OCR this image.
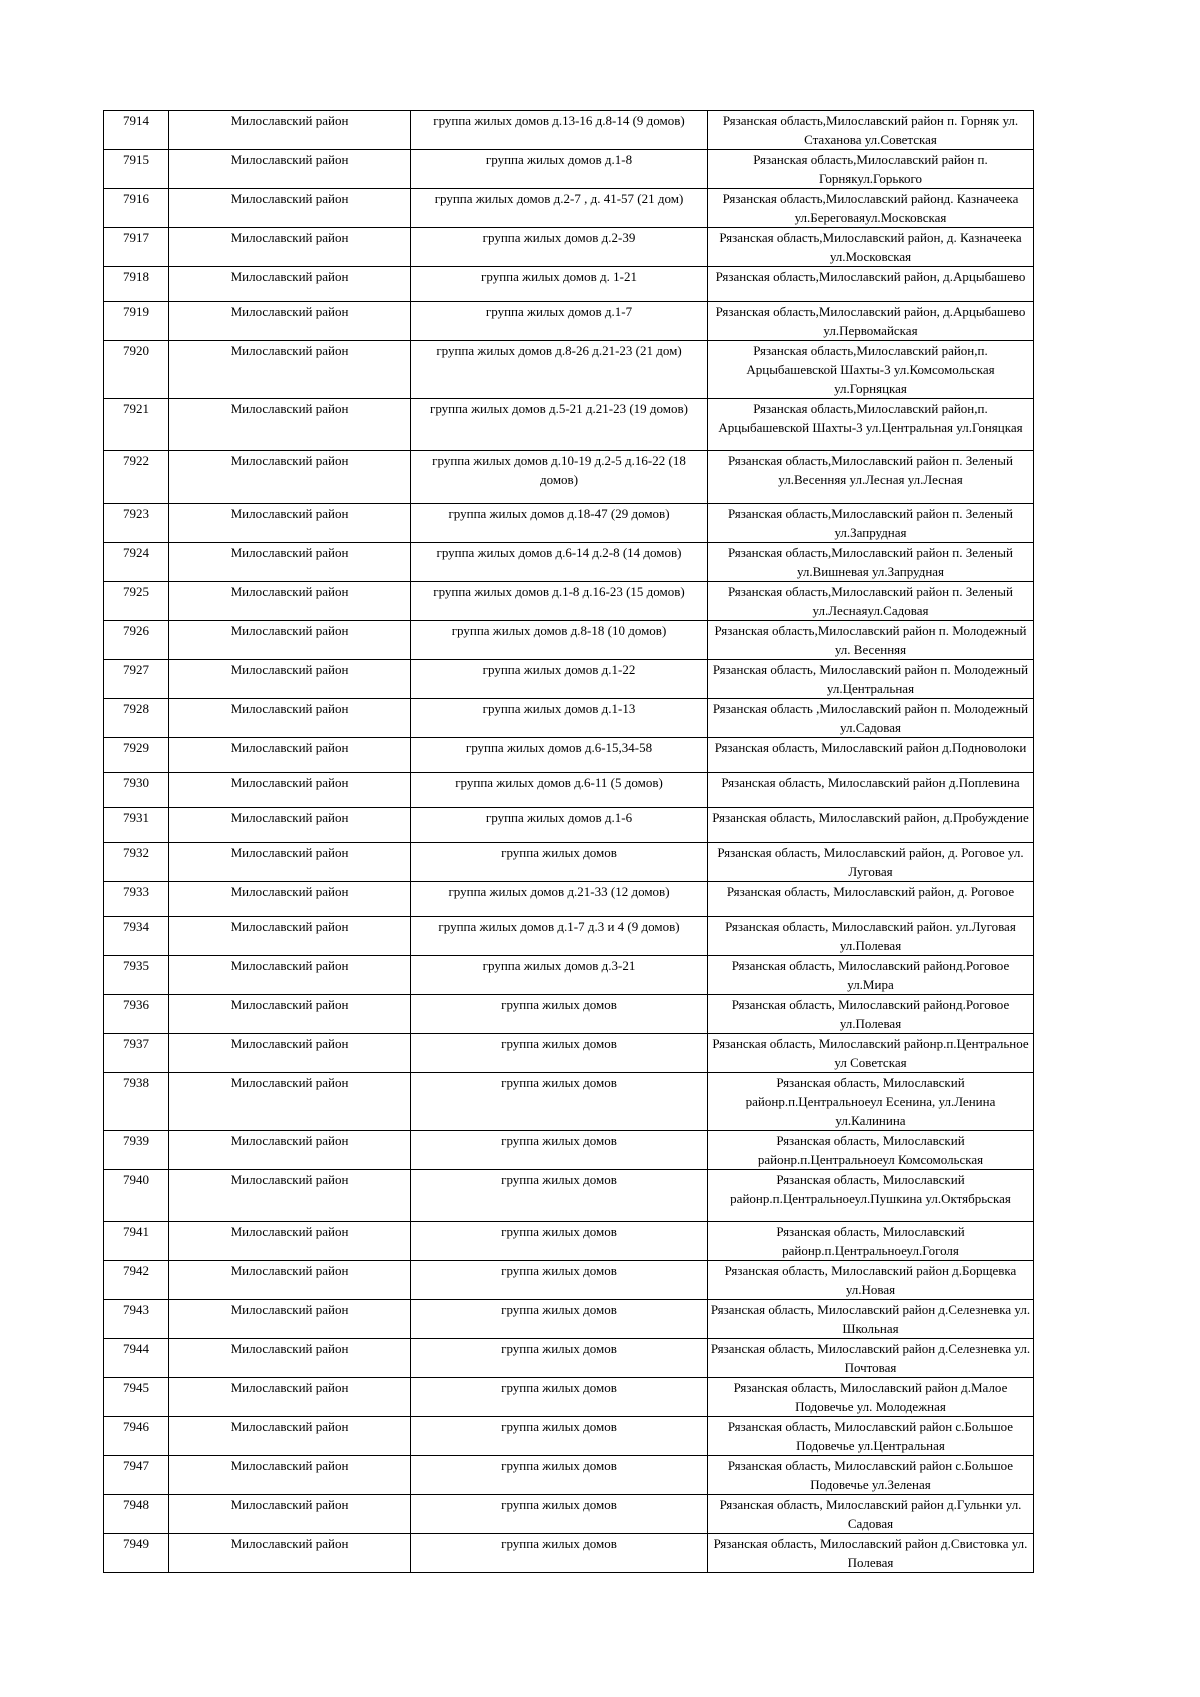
7914	Милославский район	группа жилых домов д.13-16 д.8-14 (9 домов)	Рязанская область,Милославский район п. Горняк ул. Стаханова ул.Советская
7915	Милославский район	группа жилых домов д.1-8	Рязанская область,Милославский район п. Горнякул.Горького
7916	Милославский район	группа жилых домов д.2-7 , д. 41-57 (21 дом)	Рязанская область,Милославский районд. Казначеека ул.Береговаяул.Московская
7917	Милославский район	группа жилых домов д.2-39	Рязанская область,Милославский район, д. Казначеека ул.Московская
7918	Милославский район	группа жилых домов д. 1-21	Рязанская область,Милославский район, д.Арцыбашево
7919	Милославский район	группа жилых домов д.1-7	Рязанская область,Милославский район, д.Арцыбашево ул.Первомайская
7920	Милославский район	группа жилых домов д.8-26 д.21-23 (21 дом)	Рязанская область,Милославский район,п. Арцыбашевской Шахты-3 ул.Комсомольская ул.Горняцкая
7921	Милославский район	группа жилых домов д.5-21 д.21-23 (19 домов)	Рязанская область,Милославский район,п. Арцыбашевской Шахты-3 ул.Центральная ул.Гоняцкая
7922	Милославский район	группа жилых домов д.10-19 д.2-5 д.16-22 (18 домов)	Рязанская область,Милославский район п. Зеленый ул.Весенняя ул.Лесная ул.Лесная
7923	Милославский район	группа жилых домов д.18-47 (29 домов)	Рязанская область,Милославский район п. Зеленый ул.Запрудная
7924	Милославский район	группа жилых домов д.6-14 д.2-8 (14 домов)	Рязанская область,Милославский район п. Зеленый ул.Вишневая ул.Запрудная
7925	Милославский район	группа жилых домов д.1-8 д.16-23 (15 домов)	Рязанская область,Милославский район п. Зеленый ул.Леснаяул.Садовая
7926	Милославский район	группа жилых домов д.8-18 (10 домов)	Рязанская область,Милославский район п. Молодежный ул. Весенняя
7927	Милославский район	группа жилых домов д.1-22	Рязанская область, Милославский район п. Молодежный ул.Центральная
7928	Милославский район	группа жилых домов д.1-13	Рязанская область ,Милославский район п. Молодежный ул.Садовая
7929	Милославский район	группа жилых домов д.6-15,34-58	Рязанская область, Милославский район д.Подноволоки
7930	Милославский район	группа жилых домов д.6-11 (5 домов)	Рязанская область, Милославский район д.Поплевина
7931	Милославский район	группа жилых домов д.1-6	Рязанская область, Милославский район, д.Пробуждение
7932	Милославский район	группа жилых домов	Рязанская область, Милославский район, д. Роговое ул. Луговая
7933	Милославский район	группа жилых домов д.21-33 (12 домов)	Рязанская область, Милославский район, д. Роговое
7934	Милославский район	группа жилых домов д.1-7 д.3 и 4 (9 домов)	Рязанская область, Милославский район. ул.Луговая ул.Полевая
7935	Милославский район	группа жилых домов д.3-21	Рязанская область, Милославский районд.Роговое ул.Мира
7936	Милославский район	группа жилых домов	Рязанская область, Милославский районд.Роговое ул.Полевая
7937	Милославский район	группа жилых домов	Рязанская область, Милославский районр.п.Центральное ул Советская
7938	Милославский район	группа жилых домов	Рязанская область, Милославский районр.п.Центральноеул Есенина, ул.Ленина ул.Калинина
7939	Милославский район	группа жилых домов	Рязанская область, Милославский районр.п.Центральноеул Комсомольская
7940	Милославский район	группа жилых домов	Рязанская область, Милославский районр.п.Центральноеул.Пушкина ул.Октябрьская
7941	Милославский район	группа жилых домов	Рязанская область, Милославский районр.п.Центральноеул.Гоголя
7942	Милославский район	группа жилых домов	Рязанская область, Милославский район д.Борщевка ул.Новая
7943	Милославский район	группа жилых домов	Рязанская область, Милославский район д.Селезневка ул. Школьная
7944	Милославский район	группа жилых домов	Рязанская область, Милославский район д.Селезневка ул. Почтовая
7945	Милославский район	группа жилых домов	Рязанская область, Милославский район д.Малое Подовечье ул. Молодежная
7946	Милославский район	группа жилых домов	Рязанская область, Милославский район с.Большое Подовечье ул.Центральная
7947	Милославский район	группа жилых домов	Рязанская область, Милославский район с.Большое Подовечье ул.Зеленая
7948	Милославский район	группа жилых домов	Рязанская область, Милославский район д.Гульнки ул. Садовая
7949	Милославский район	группа жилых домов	Рязанская область, Милославский район д.Свистовка ул. Полевая
